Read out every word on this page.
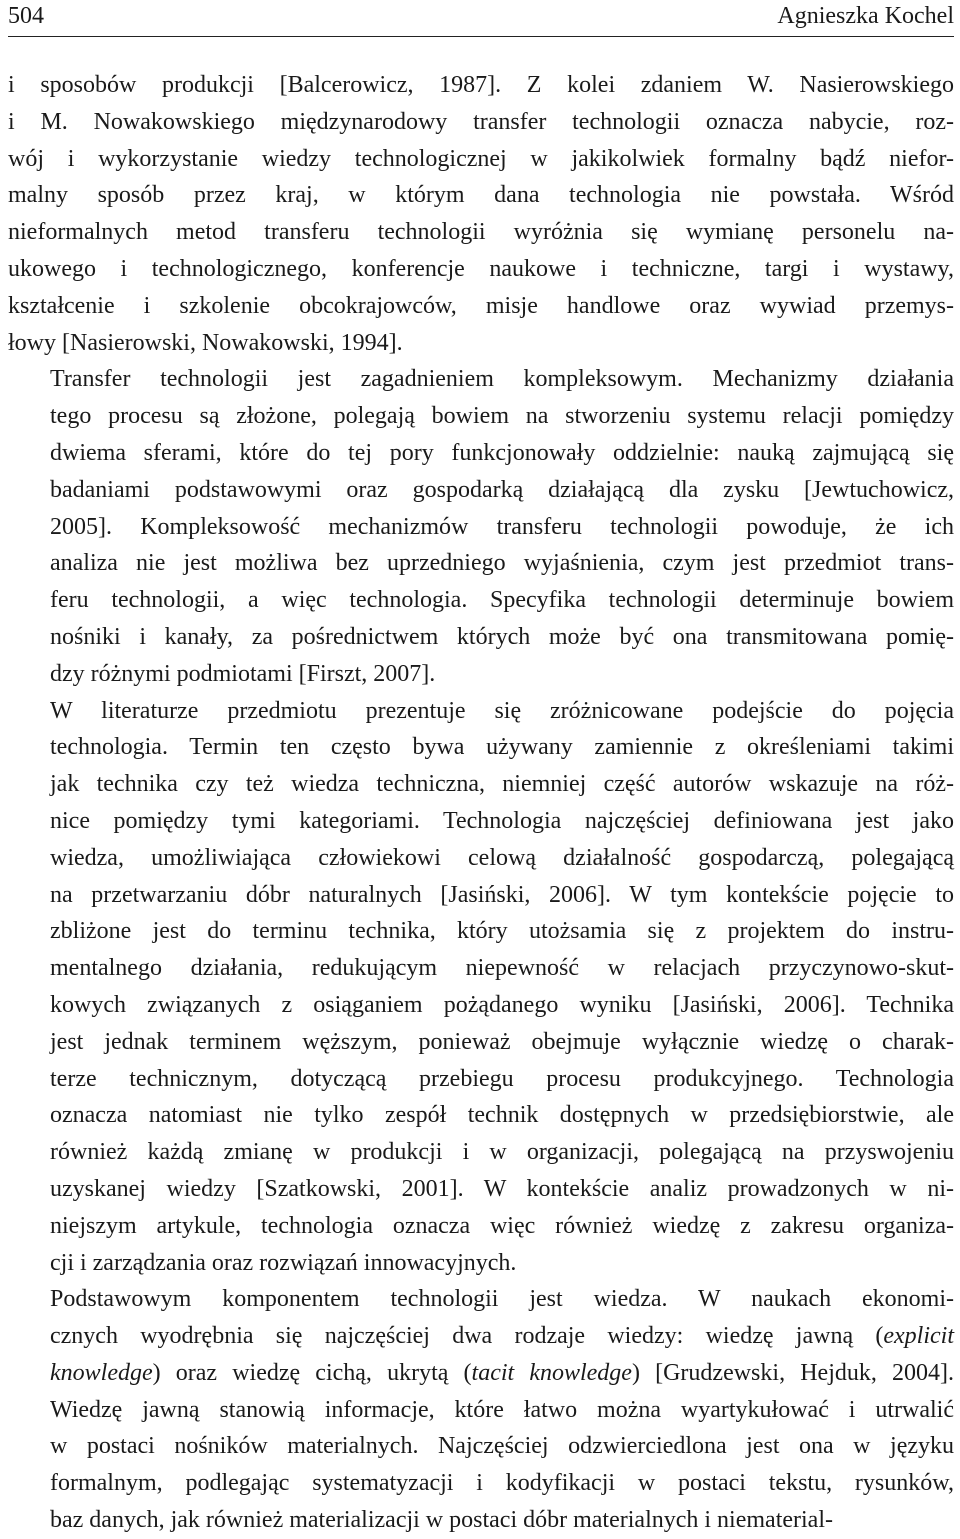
504	Agnieszka Kochel
i sposobów produkcji [Balcerowicz, 1987]. Z kolei zdaniem W. Nasierowskiego
i M. Nowakowskiego międzynarodowy transfer technologii oznacza nabycie, roz-
wój i wykorzystanie wiedzy technologicznej w jakikolwiek formalny bądź niefor-
malny sposób przez kraj, w którym dana technologia nie powstała. Wśród
nieformalnych metod transferu technologii wyróżnia się wymianę personelu na-
ukowego i technologicznego, konferencje naukowe i techniczne, targi i wystawy,
kształcenie i szkolenie obcokrajowców, misje handlowe oraz wywiad przemys-
łowy [Nasierowski, Nowakowski, 1994].
Transfer technologii jest zagadnieniem kompleksowym. Mechanizmy działania
tego procesu są złożone, polegają bowiem na stworzeniu systemu relacji pomiędzy
dwiema sferami, które do tej pory funkcjonowały oddzielnie: nauką zajmującą się
badaniami podstawowymi oraz gospodarką działającą dla zysku [Jewtuchowicz,
2005]. Kompleksowość mechanizmów transferu technologii powoduje, że ich
analiza nie jest możliwa bez uprzedniego wyjaśnienia, czym jest przedmiot trans-
feru technologii, a więc technologia. Specyfika technologii determinuje bowiem
nośniki i kanały, za pośrednictwem których może być ona transmitowana pomię-
dzy różnymi podmiotami [Firszt, 2007].
W literaturze przedmiotu prezentuje się zróżnicowane podejście do pojęcia
technologia. Termin ten często bywa używany zamiennie z określeniami takimi
jak technika czy też wiedza techniczna, niemniej część autorów wskazuje na róż-
nice pomiędzy tymi kategoriami. Technologia najczęściej definiowana jest jako
wiedza, umożliwiająca człowiekowi celową działalność gospodarczą, polegającą
na przetwarzaniu dóbr naturalnych [Jasiński, 2006]. W tym kontekście pojęcie to
zbliżone jest do terminu technika, który utożsamia się z projektem do instru-
mentalnego działania, redukującym niepewność w relacjach przyczynowo-skut-
kowych związanych z osiąganiem pożądanego wyniku [Jasiński, 2006]. Technika
jest jednak terminem węższym, ponieważ obejmuje wyłącznie wiedzę o charak-
terze technicznym, dotyczącą przebiegu procesu produkcyjnego. Technologia
oznacza natomiast nie tylko zespół technik dostępnych w przedsiębiorstwie, ale
również każdą zmianę w produkcji i w organizacji, polegającą na przyswojeniu
uzyskanej wiedzy [Szatkowski, 2001]. W kontekście analiz prowadzonych w ni-
niejszym artykule, technologia oznacza więc również wiedzę z zakresu organiza-
cji i zarządzania oraz rozwiązań innowacyjnych.
Podstawowym komponentem technologii jest wiedza. W naukach ekonomi-
cznych wyodrębnia się najczęściej dwa rodzaje wiedzy: wiedzę jawną (explicit
knowledge) oraz wiedzę cichą, ukrytą (tacit knowledge) [Grudzewski, Hejduk, 2004].
Wiedzę jawną stanowią informacje, które łatwo można wyartykułować i utrwalić
w postaci nośników materialnych. Najczęściej odzwierciedlona jest ona w języku
formalnym, podlegając systematyzacji i kodyfikacji w postaci tekstu, rysunków,
baz danych, jak również materializacji w postaci dóbr materialnych i niematerial-
